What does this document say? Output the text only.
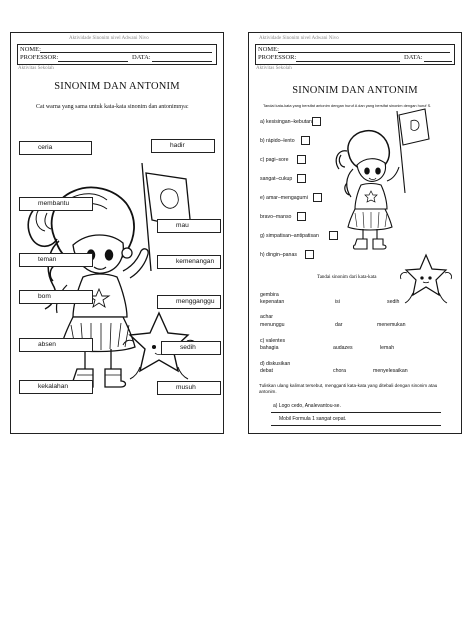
Aktividade Sinonim nivel Adwani Nivo
NOME:
PROFESSOR:	DATA:
Aktivitas Sekolah
SINONIM DAN ANTONIM
Cat warna yang sama untuk kata-kata sinonim dan antonimnya:
ceria	hadir
membantu
mau
teman	kemenangan
bom
mengganggu
absen	sedih
kekalahan	musuh
Aktividade Sinonim nivel Adwani Nivo
NOME:
PROFESSOR:	DATA:
Aktivitas Sekolah
SINONIM DAN ANTONIM
Tandai kata-kata yang bersifat antonim dengan huruf A dan yang bersifat sinonim dengan huruf S.
a) kesisingan–kebutan
b) rápido–lento
c) pagi–sore
sangat–cukup
e) amar–mengagumi
bravo–manso
g) simpatisan–antipatisan
h) dingin–panas
Tandai sinonim dari kata-kata
gembira
kepenatan	isi	sedih
achar
menunggu	dar	menemukan
c) valentes
bahagia	audazes	lemah
d) diskusikan
debat	chora	menyelesaikan
Tuliskan ulang kalimat tersebut, mengganti kata-kata yang ditebali dengan sinonim atau antonim.
a) Logo cedo, Analevantou-se.
Mobil Formula 1 sangat cepat.
